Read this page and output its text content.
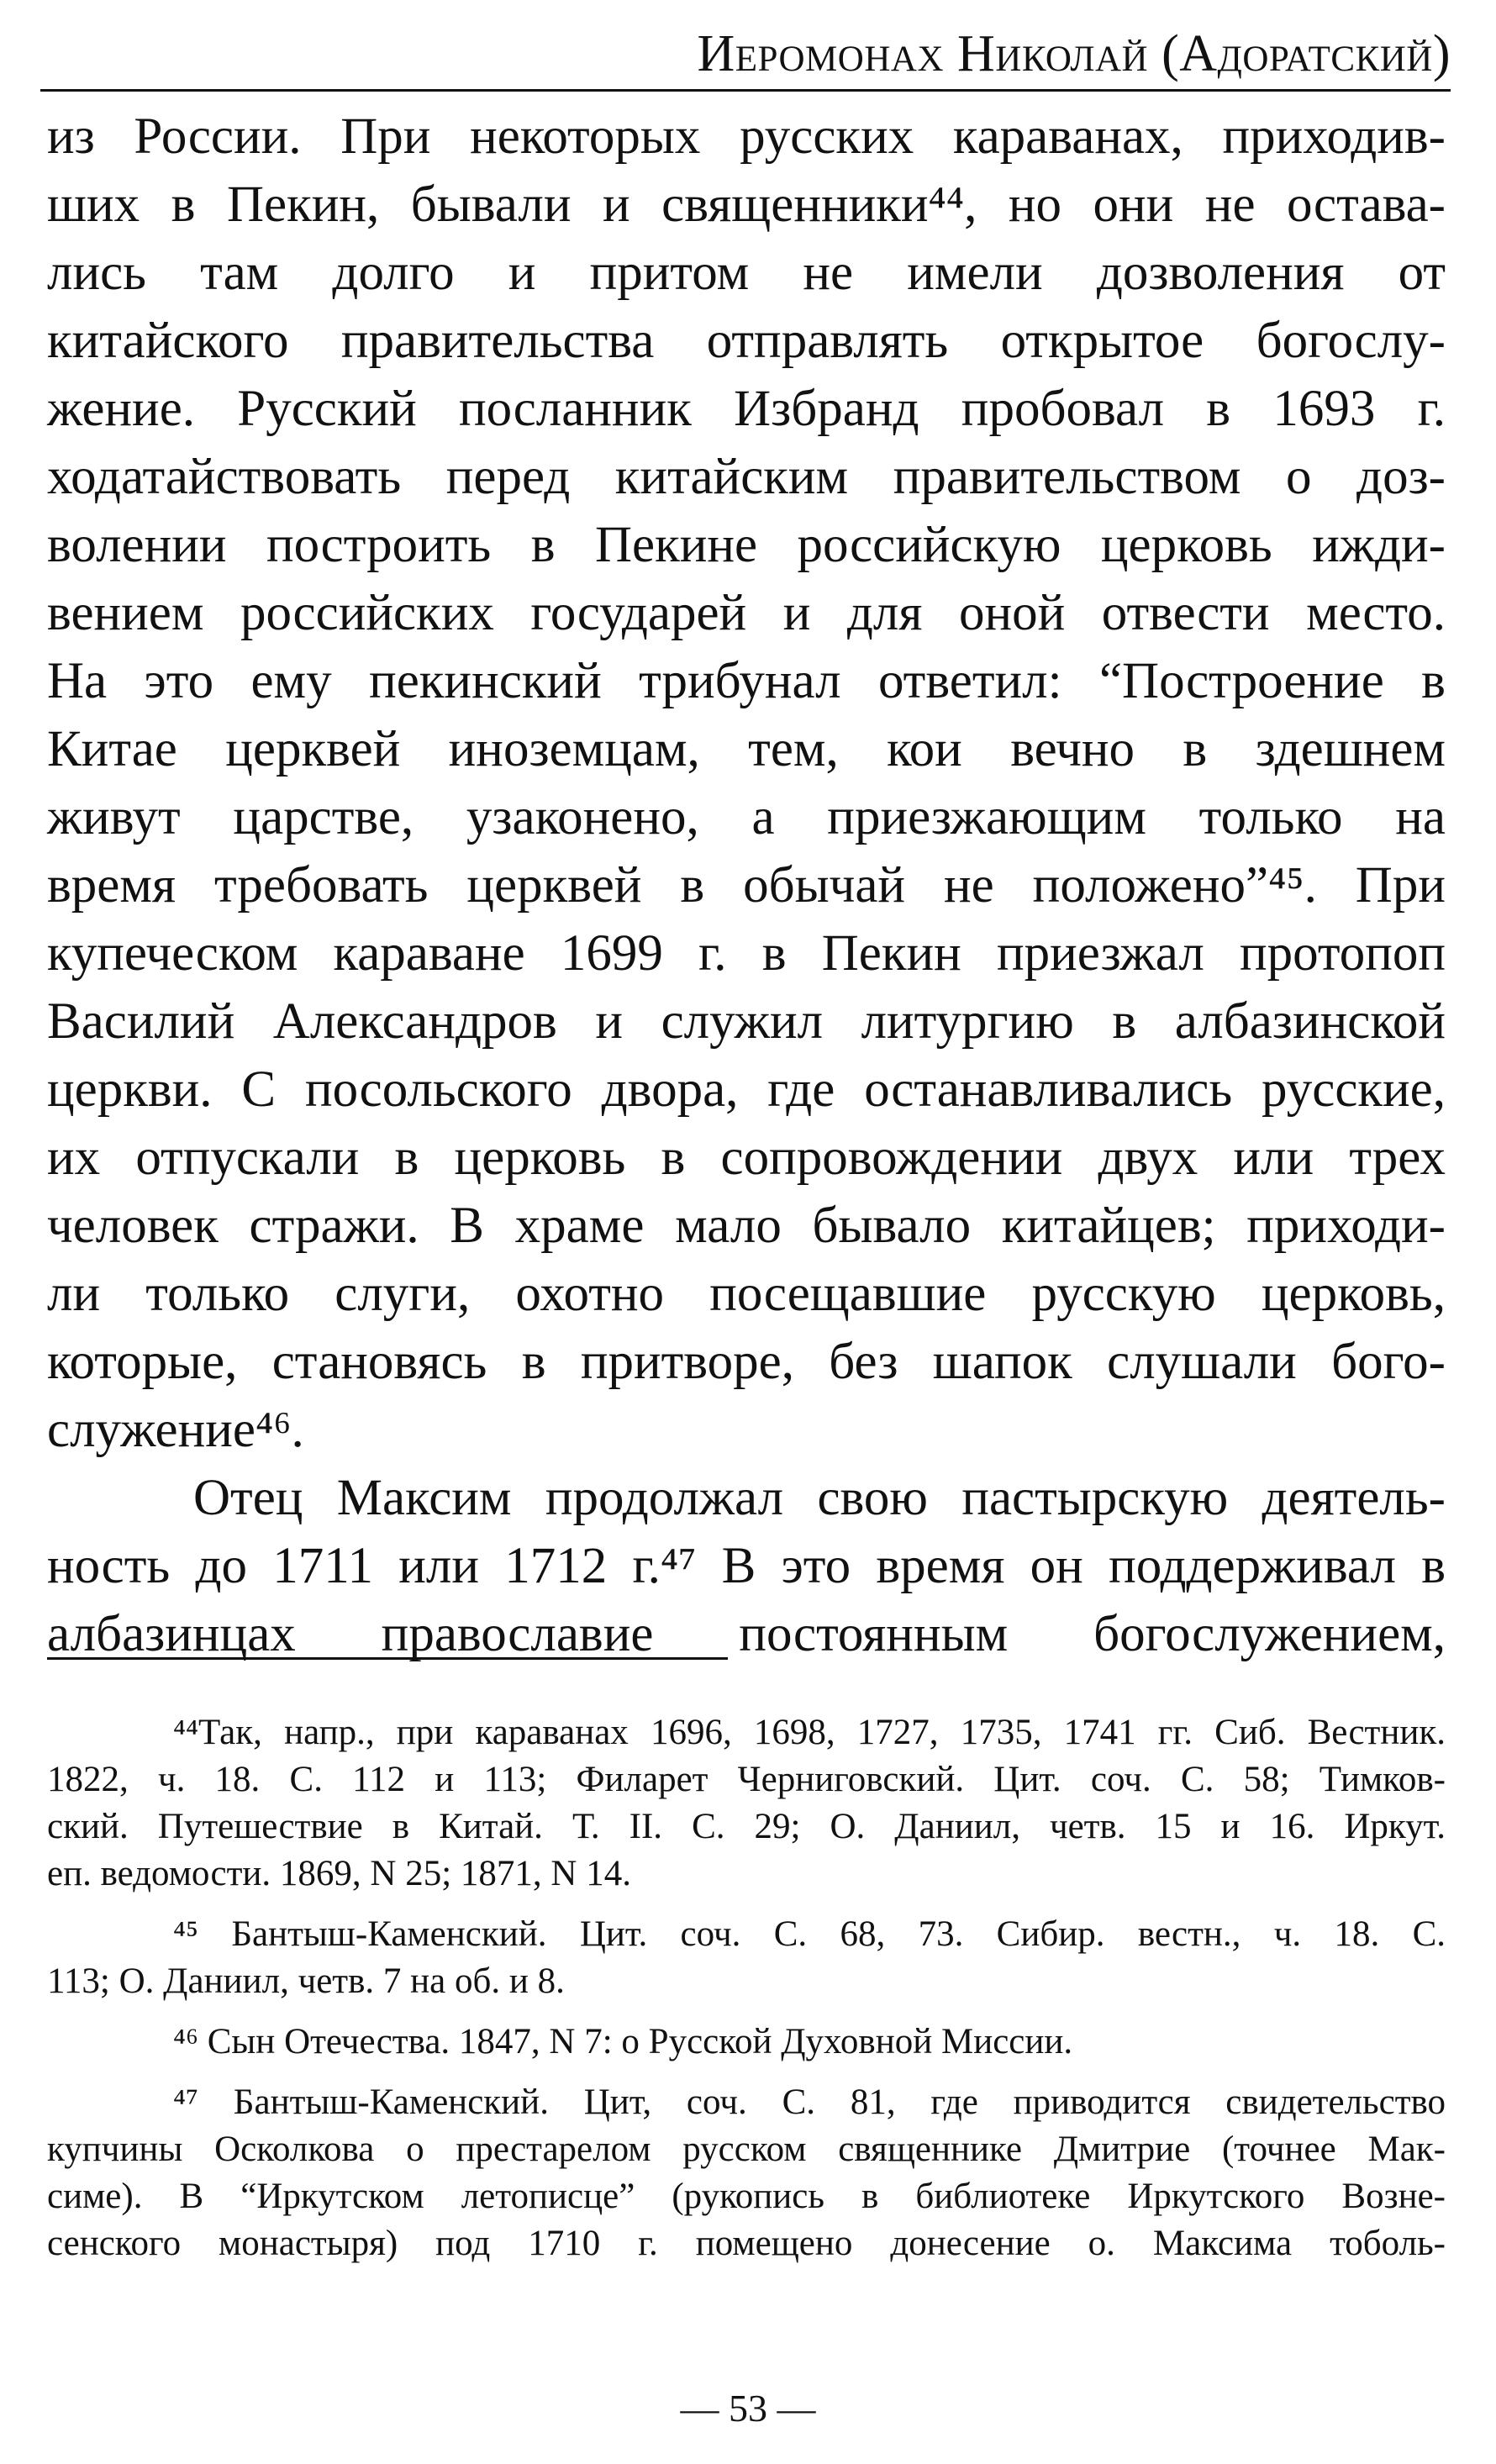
Иеромонах Николай (Адоратский)
из России. При некоторых русских караванах, приходив-
ших в Пекин, бывали и священники⁴⁴, но они не остава-
лись там долго и притом не имели дозволения от
китайского правительства отправлять открытое богослу-
жение. Русский посланник Избранд пробовал в 1693 г.
ходатайствовать перед китайским правительством о доз-
волении построить в Пекине российскую церковь ижди-
вением российских государей и для оной отвести место.
На это ему пекинский трибунал ответил: “Построение в
Китае церквей иноземцам, тем, кои вечно в здешнем
живут царстве, узаконено, а приезжающим только на
время требовать церквей в обычай не положено”⁴⁵. При
купеческом караване 1699 г. в Пекин приезжал протопоп
Василий Александров и служил литургию в албазинской
церкви. С посольского двора, где останавливались русские,
их отпускали в церковь в сопровождении двух или трех
человек стражи. В храме мало бывало китайцев; приходи-
ли только слуги, охотно посещавшие русскую церковь,
которые, становясь в притворе, без шапок слушали бого-
служение⁴⁶.
Отец Максим продолжал свою пастырскую деятель-
ность до 1711 или 1712 г.⁴⁷ В это время он поддерживал в
албазинцах православие постоянным богослужением,
⁴⁴Так, напр., при караванах 1696, 1698, 1727, 1735, 1741 гг. Сиб. Вестник.
1822, ч. 18. С. 112 и 113; Филарет Черниговский. Цит. соч. С. 58; Тимков-
ский. Путешествие в Китай. Т. II. С. 29; О. Даниил, четв. 15 и 16. Иркут.
еп. ведомости. 1869, N 25; 1871, N 14.
⁴⁵ Бантыш-Каменский. Цит. соч. С. 68, 73. Сибир. вестн., ч. 18. С.
113; О. Даниил, четв. 7 на об. и 8.
⁴⁶ Сын Отечества. 1847, N 7: о Русской Духовной Миссии.
⁴⁷ Бантыш-Каменский. Цит, соч. С. 81, где приводится свидетельство
купчины Осколкова о престарелом русском священнике Дмитрие (точнее Мак-
симе). В “Иркутском летописце” (рукопись в библиотеке Иркутского Возне-
сенского монастыря) под 1710 г. помещено донесение о. Максима тоболь-
— 53 —
